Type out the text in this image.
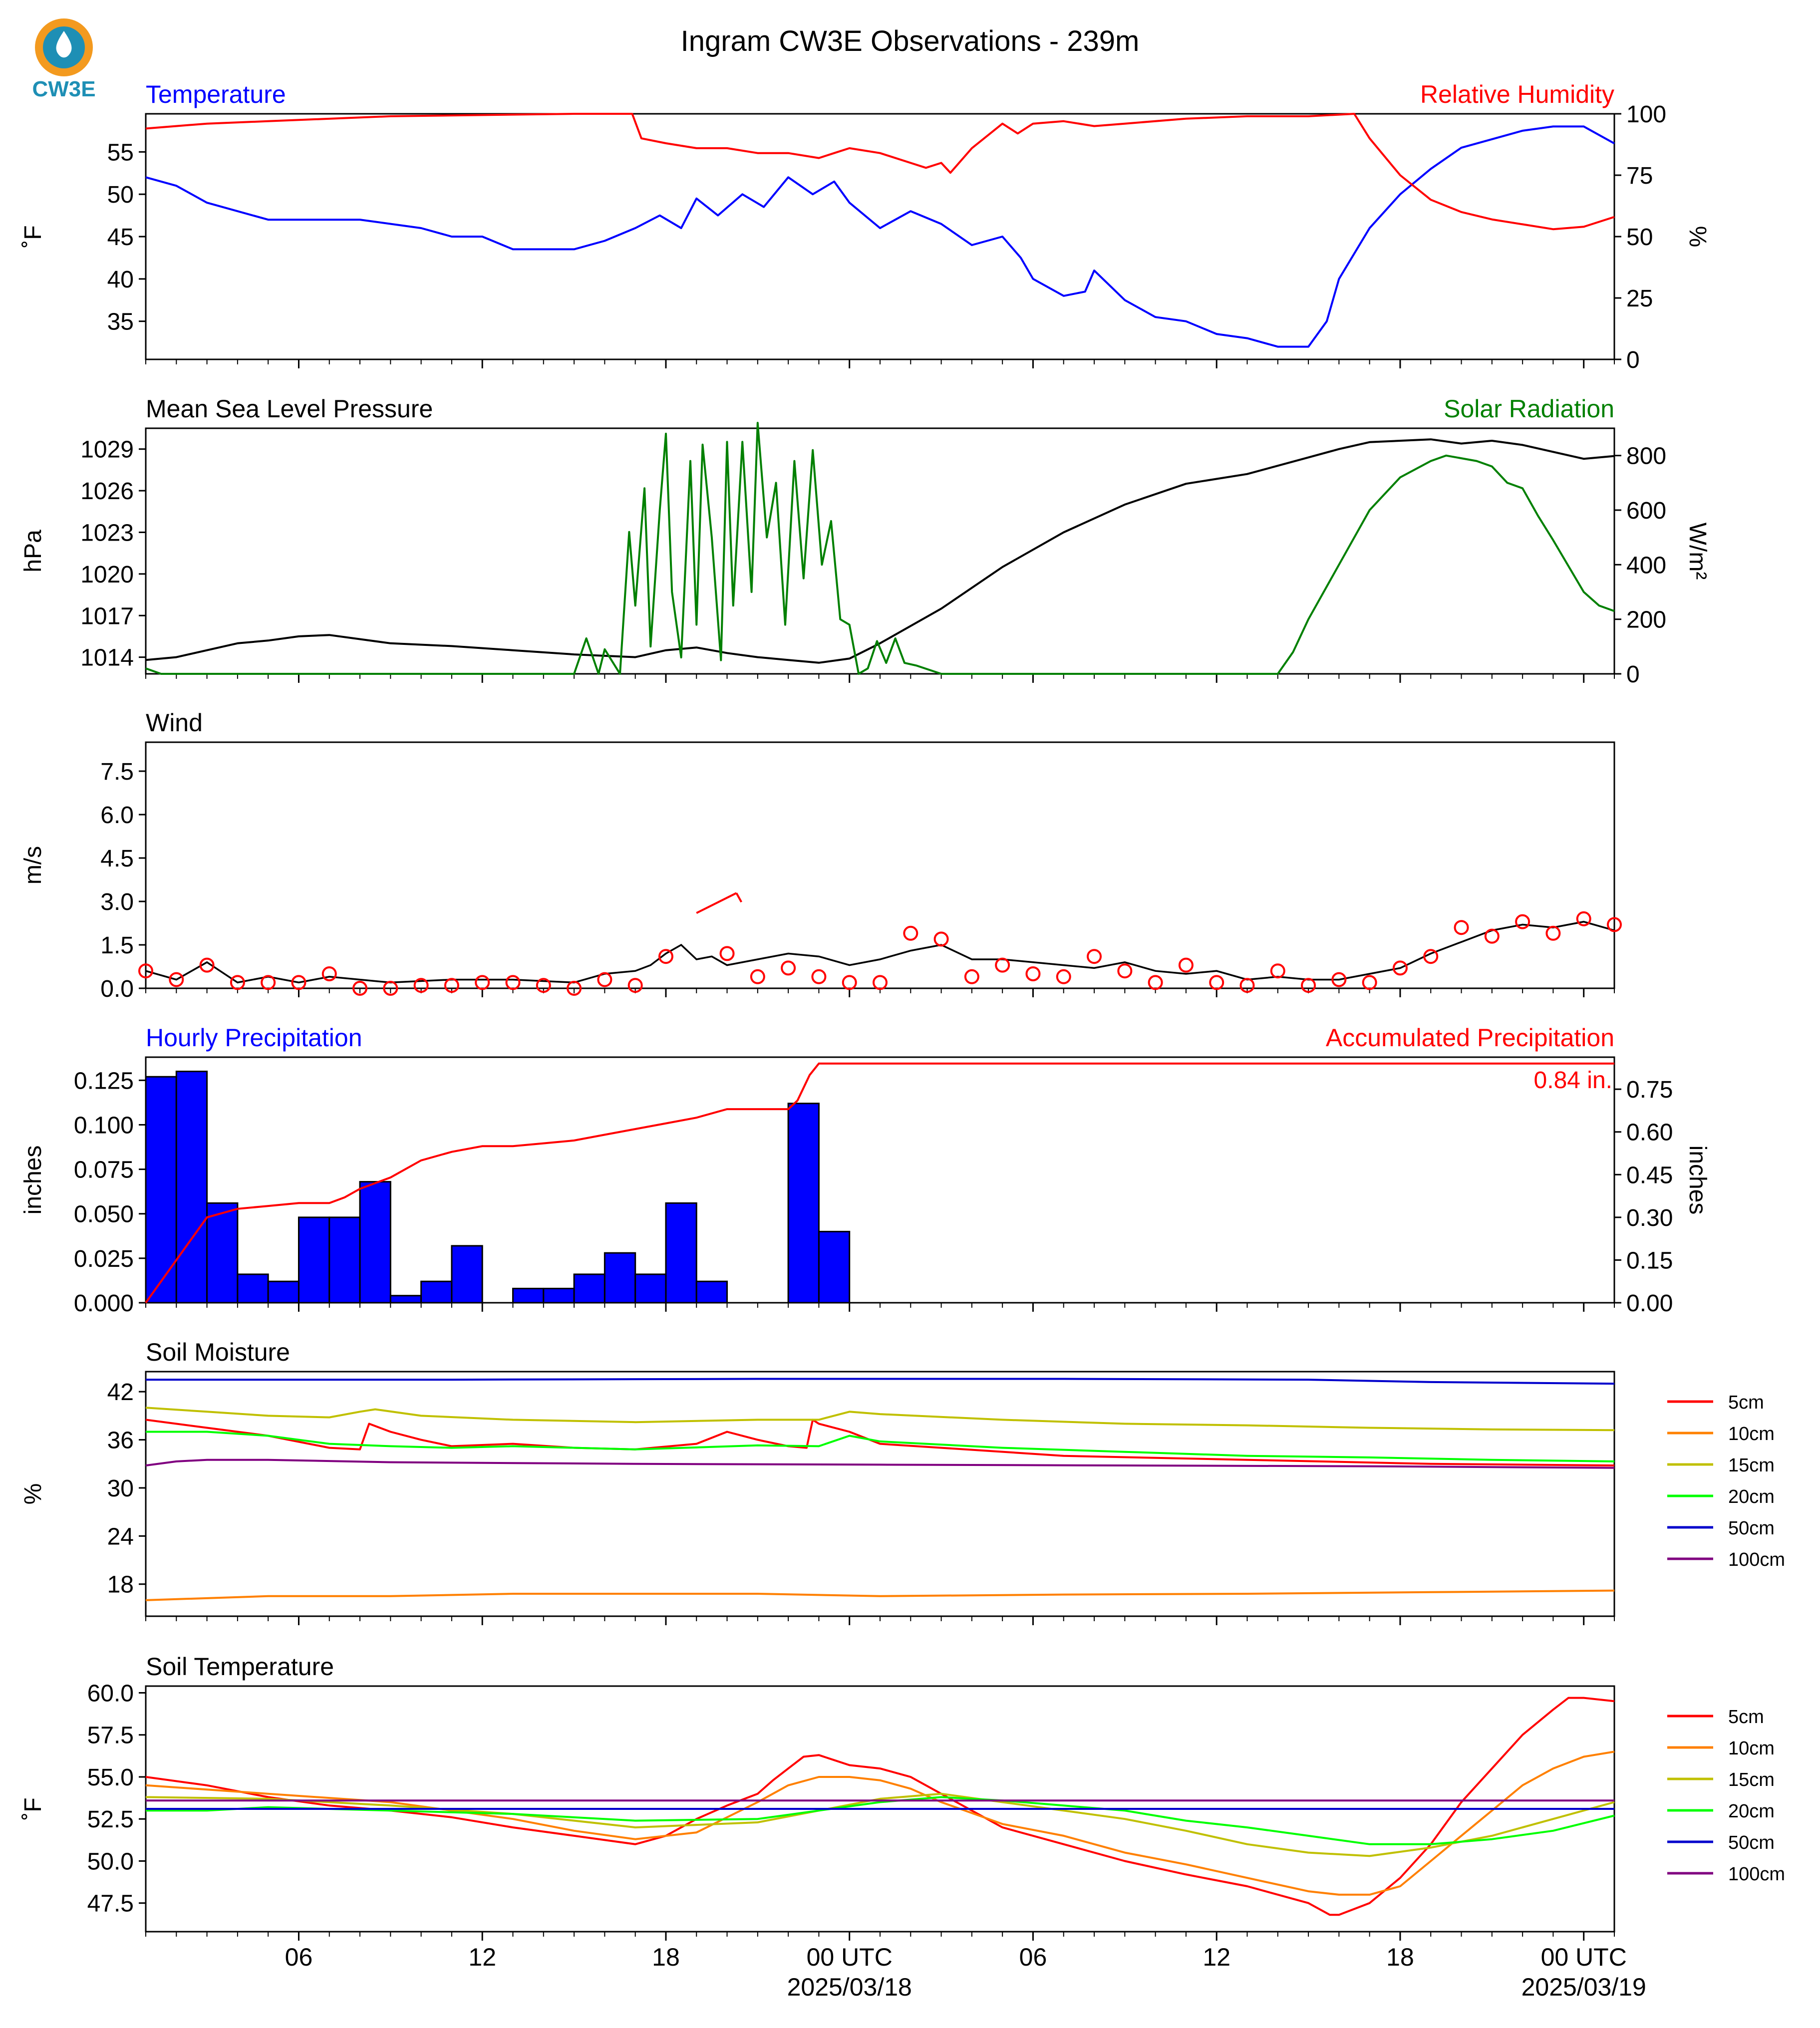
CW3E
Ingram CW3E Observations - 239m
Temperature	Relative Humidity
35
40
45
50
55
˚F
0
25
50
75
100
%
Mean Sea Level Pressure	Solar Radiation
1014
1017
1020
1023
1026
1029
hPa
0
200
400
600
800
W/m²
Wind
0.0
1.5
3.0
4.5
6.0
7.5
m/s
Hourly Precipitation	Accumulated Precipitation
0.000
0.025
0.050
0.075
0.100
0.125
inches
0.00
0.15
0.30
0.45
0.60
0.75
inches
0.84 in.
Soil Moisture
18
24
30
36
42
%
5cm
10cm
15cm
20cm
50cm
100cm
Soil Temperature
47.5
50.0
52.5
55.0
57.5
60.0
˚F
5cm
10cm
15cm
20cm
50cm
100cm
06	12	18	00 UTC	06	12	18	00 UTC
2025/03/18	2025/03/19
